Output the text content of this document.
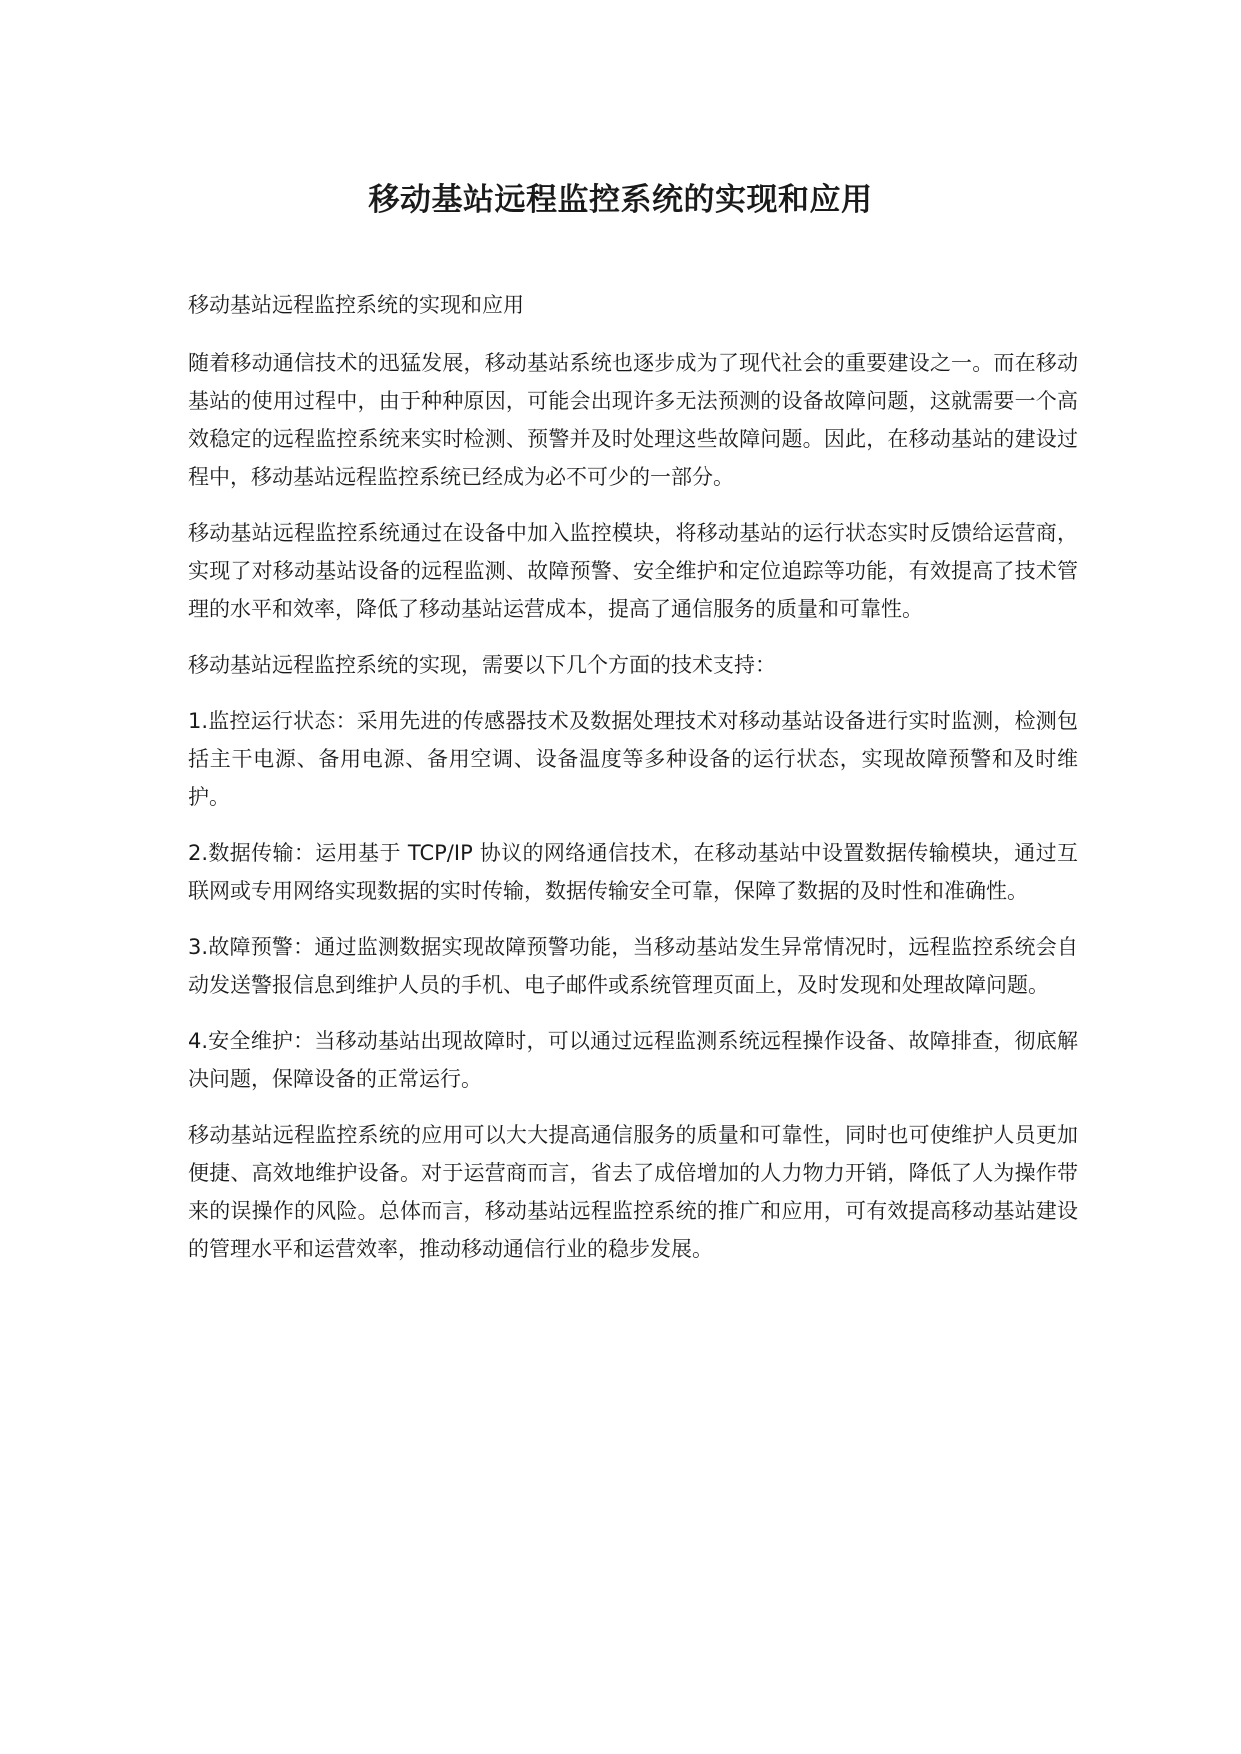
移动基站远程监控系统的实现和应用

移动基站远程监控系统的实现和应用

随着移动通信技术的迅猛发展，移动基站系统也逐步成为了现代社会的重要建设之一。而在移动基站的使用过程中，由于种种原因，可能会出现许多无法预测的设备故障问题，这就需要一个高效稳定的远程监控系统来实时检测、预警并及时处理这些故障问题。因此，在移动基站的建设过程中，移动基站远程监控系统已经成为必不可少的一部分。

移动基站远程监控系统通过在设备中加入监控模块，将移动基站的运行状态实时反馈给运营商，实现了对移动基站设备的远程监测、故障预警、安全维护和定位追踪等功能，有效提高了技术管理的水平和效率，降低了移动基站运营成本，提高了通信服务的质量和可靠性。

移动基站远程监控系统的实现，需要以下几个方面的技术支持：

1.监控运行状态：采用先进的传感器技术及数据处理技术对移动基站设备进行实时监测，检测包括主干电源、备用电源、备用空调、设备温度等多种设备的运行状态，实现故障预警和及时维护。

2.数据传输：运用基于 TCP/IP 协议的网络通信技术，在移动基站中设置数据传输模块，通过互联网或专用网络实现数据的实时传输，数据传输安全可靠，保障了数据的及时性和准确性。

3.故障预警：通过监测数据实现故障预警功能，当移动基站发生异常情况时，远程监控系统会自动发送警报信息到维护人员的手机、电子邮件或系统管理页面上，及时发现和处理故障问题。

4.安全维护：当移动基站出现故障时，可以通过远程监测系统远程操作设备、故障排查，彻底解决问题，保障设备的正常运行。

移动基站远程监控系统的应用可以大大提高通信服务的质量和可靠性，同时也可使维护人员更加便捷、高效地维护设备。对于运营商而言，省去了成倍增加的人力物力开销，降低了人为操作带来的误操作的风险。总体而言，移动基站远程监控系统的推广和应用，可有效提高移动基站建设的管理水平和运营效率，推动移动通信行业的稳步发展。
